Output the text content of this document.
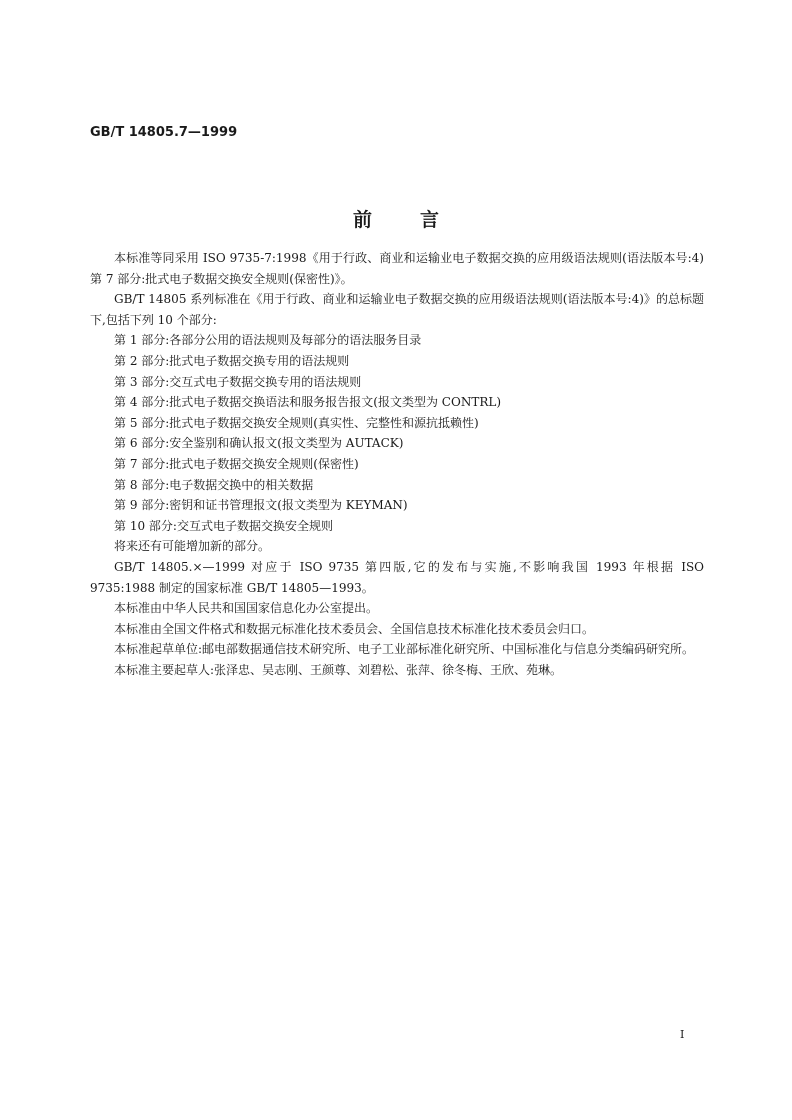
GB/T 14805.7—1999
前言

本标准等同采用 ISO 9735-7:1998《用于行政、商业和运输业电子数据交换的应用级语法规则(语法版本号:4)　第 7 部分:批式电子数据交换安全规则(保密性)》。

GB/T 14805 系列标准在《用于行政、商业和运输业电子数据交换的应用级语法规则(语法版本号:4)》的总标题下,包括下列 10 个部分:

第 1 部分:各部分公用的语法规则及每部分的语法服务目录

第 2 部分:批式电子数据交换专用的语法规则

第 3 部分:交互式电子数据交换专用的语法规则

第 4 部分:批式电子数据交换语法和服务报告报文(报文类型为 CONTRL)

第 5 部分:批式电子数据交换安全规则(真实性、完整性和源抗抵赖性)

第 6 部分:安全鉴别和确认报文(报文类型为 AUTACK)

第 7 部分:批式电子数据交换安全规则(保密性)

第 8 部分:电子数据交换中的相关数据

第 9 部分:密钥和证书管理报文(报文类型为 KEYMAN)

第 10 部分:交互式电子数据交换安全规则

将来还有可能增加新的部分。

GB/T 14805.×—1999 对应于 ISO 9735 第四版,它的发布与实施,不影响我国 1993 年根据 ISO 9735:1988 制定的国家标准 GB/T 14805—1993。

本标准由中华人民共和国国家信息化办公室提出。

本标准由全国文件格式和数据元标准化技术委员会、全国信息技术标准化技术委员会归口。

本标准起草单位:邮电部数据通信技术研究所、电子工业部标准化研究所、中国标准化与信息分类编码研究所。

本标准主要起草人:张泽忠、吴志刚、王颜尊、刘碧松、张萍、徐冬梅、王欣、苑琳。

I
